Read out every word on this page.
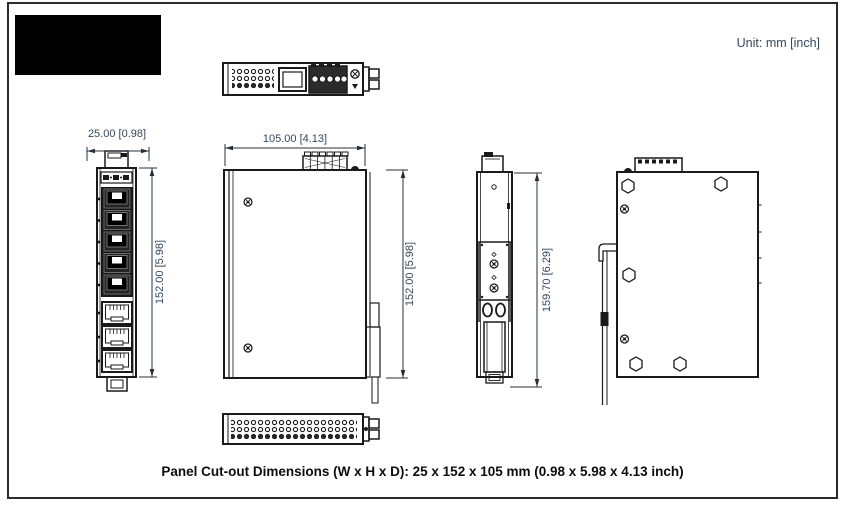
Unit: mm [inch]
25.00 [0.98]
152.00 [5.98]
105.00 [4.13]
152.00 [5.98]	159.70 [6.29]
Panel Cut-out Dimensions (W x H x D): 25 x 152 x 105 mm (0.98 x 5.98 x 4.13 inch)
